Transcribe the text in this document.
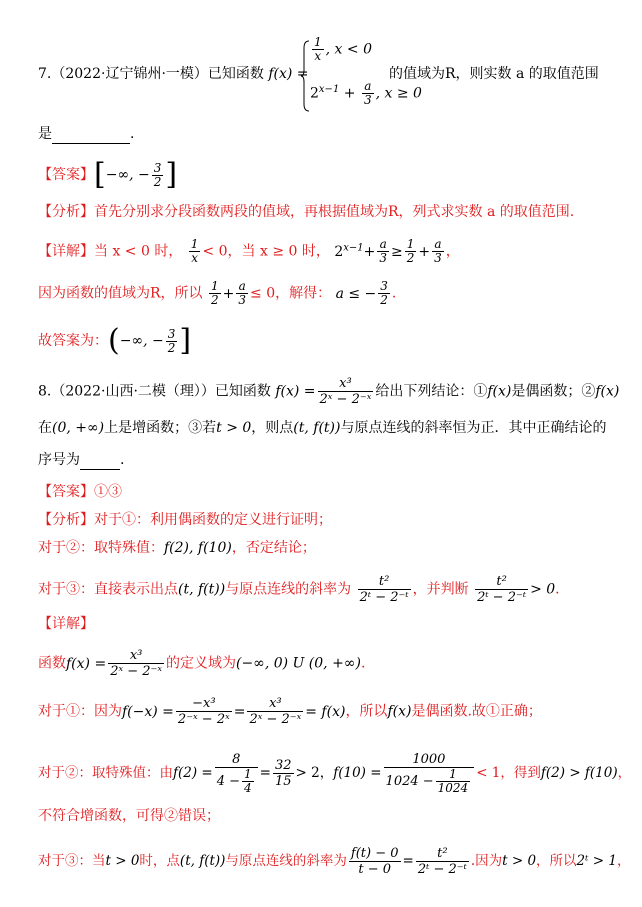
7.（2022·辽宁锦州·一模）已知函数 f(x) =
$\frac{1}{x}$ , x < 0
$2^{x-1} + \frac{a}{3}$ , x ≥ 0
的值域为R，则实数 a 的取值范围
是	.
【答案】[−∞, − $\frac{3}{2}$ ]
【分析】首先分别求分段函数两段的值域，再根据值域为R，列式求实数 a 的取值范围.
【详解】当 x < 0 时， $\frac{1}{x} < 0$，当 x ≥ 0 时， $2^{x-1}+ \frac{a}{3} \ge \frac{1}{2} + \frac{a}{3}$ ，
因为函数的值域为R，所以 $\frac{1}{2} + \frac{a}{3} \le 0$，解得： a ≤ − $\frac{3}{2}$ .
故答案为：(−∞, − $\frac{3}{2}$ ]
8.（2022·山西·二模（理））已知函数 $f(x) = \frac{\text{x³}}{\text{2ˣ − 2⁻ˣ}}$ 给出下列结论：①f(x)是偶函数；②f(x)
在(0, +∞)上是增函数；③若t > 0，则点(t, f(t))与原点连线的斜率恒为正．其中正确结论的
序号为	.
【答案】①③
【分析】对于①：利用偶函数的定义进行证明；
对于②：取特殊值：f(2), f(10)，否定结论；
对于③：直接表示出点(t, f(t))与原点连线的斜率为 $\frac{\text{t²}}{\text{2ᵗ − 2⁻ᵗ}}$ ，并判断 $\frac{\text{t²}}{\text{2ᵗ − 2⁻ᵗ}} > 0$.
【详解】
函数$f(x) = \frac{\text{x³}}{\text{2ˣ − 2⁻ˣ}}$ 的定义域为(−∞, 0) U (0, +∞).
对于①：因为$f(-x) = \frac{\text{−x³}}{\text{2⁻ˣ − 2ˣ}} = \frac{\text{x³}}{\text{2ˣ − 2⁻ˣ}} = f(x)$，所以f(x)是偶函数.故①正确；
对于②：取特殊值：由$f(2) = \frac{8}{4 - \frac{1}{4}} = \frac{32}{15} > 2$，$f(10) = \frac{1000}{1024 - \frac{1}{1024}} < 1$，得到f(2) > f(10)，
不符合增函数，可得②错误；
对于③：当t > 0时，点(t, f(t))与原点连线的斜率为 $\frac{f(t) - 0}{t - 0} = \frac{\text{t²}}{\text{2ᵗ − 2⁻ᵗ}}$ .因为t > 0，所以2ᵗ > 1，
